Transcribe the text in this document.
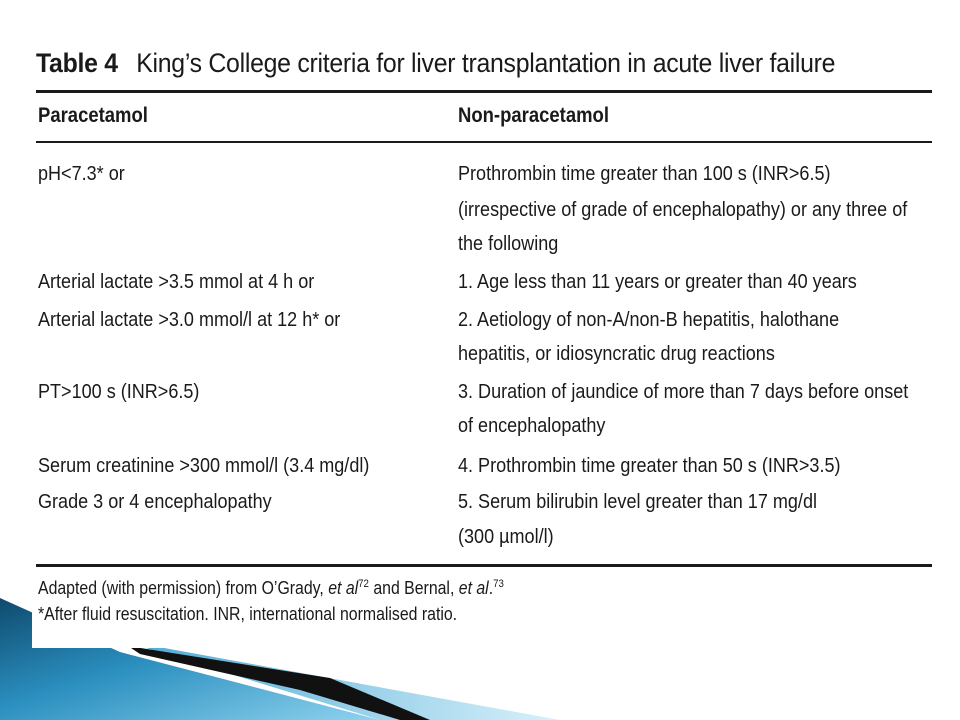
Table 4 King’s College criteria for liver transplantation in acute liver failure
Paracetamol	Non-paracetamol
pH<7.3* or
Arterial lactate >3.5 mmol at 4 h or
Arterial lactate >3.0 mmol/l at 12 h* or
PT>100 s (INR>6.5)
Serum creatinine >300 mmol/l (3.4 mg/dl)
Grade 3 or 4 encephalopathy
Prothrombin time greater than 100 s (INR>6.5)
(irrespective of grade of encephalopathy) or any three of
the following
1. Age less than 11 years or greater than 40 years
2. Aetiology of non-A/non-B hepatitis, halothane
hepatitis, or idiosyncratic drug reactions
3. Duration of jaundice of more than 7 days before onset
of encephalopathy
4. Prothrombin time greater than 50 s (INR>3.5)
5. Serum bilirubin level greater than 17 mg/dl
(300 µmol/l)
Adapted (with permission) from O’Grady, et $al^{72}$ and Bernal, et al.$^{73}$
*After fluid resuscitation. INR, international normalised ratio.
